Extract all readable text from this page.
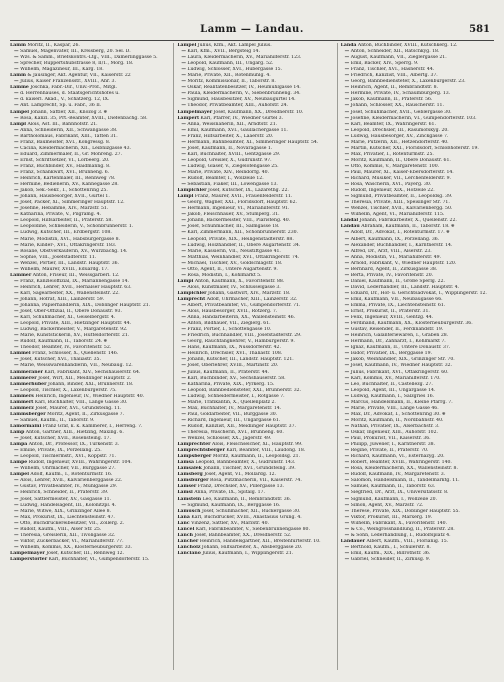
Lamm — Landau.	581
Lamm Moritz, II., Kaspar, 26.
— Samuel, Magenvater, III., Kreisberg, 20. Sel. D.
— Wzs. & Samm., Briefskontrs.-Ltg., VIII., Damerlinggasse 5.
— Sprecher, Ruppertshubstrasse 8, II/1., Morg. 18.
— Wilhelm, Magazineur, III., Karg. 18.
Lamm & Jausinger, Akt. Agentur, VII., Kaiserstr. 22
— Julius, Kaiser Franzensstr., XVIII., Ahr. 3.
Lamme Joschka, Fabr.-Dir., Univ.-Prof., Mitgl.
— d. Herrenhauses, d. Staatsgerichtshofes u.
— d. kaiserl. Akad., V., Schatzerg. 12, IX.
— Ant. Lamprecht, Sp. u. Fabr., 36 II.
Lampel Johann, Sattler, XII., Knozog 3. 🕿
— Rosa, Kanzl. 35, Prt.-Beamter, XVIII., Diefenbachg. 58.
Lampl Alois, Ast. III., Bahnhofstr. 21.
— Anna, Schneiderin, XII., Schwangasse 38.
— Bartholomäus, Fabrikant, XIII., Tatten 31.
— Franz, Baumeister, XVI., Kongressg. 8.
— Cäcilia, Kleidermacherin, XII., Leibnizgasse 43.
— Eduard, Zimmermaler, II., Gr. Mohreng. 27.
— Ernst, Schriftsetzer, VI., Lorbeerg. 20.
— Franz, Buchbinder, XV., Haidmanng. 8.
— Franz, Schankwirt, XVI., Brunneng. 6.
— Heinrich, Kartenmaler, III., Rennweg 78.
— Hermine, Bedienerin, XV., Kannegasse 28.
— Jakob, Sek.-Sekr., I., Schottenring 25.
— Johann, Hausbesorger, XVII., Gürtel 1.
— Josef, Packer, XI., Simmeringer Hauptstr. 12.
— Josefine, Hebamme, XIV., Märzstr. 51.
— Katharina, Private, V., Pilgramg. 4.
— Leopold, Hilfsarbeiter, II., Praterstr. 58.
— Leopoldine, Schneiderin, V., Schönbrunnerstr. 1.
— Ludwig, Kutscher, III., Erdbergstr. 108.
— Marie, Modistin, XVI., Habsburgergasse 8.
— Marie, Kinder-, XVI., Ottakringerstr. 183.
— Rosalie, Obstverkäuferin, XV., Wurzbachg. 14.
— Sophie, VIII., Josefstädterstr. 11.
— Wenzel, Portier, III., Landstr. Hauptstr. 36.
— Wilhelm, Maurer, XVIII., Eduardg. 17.
Lammer Anton, Friseur, III., Weissgärberl. 12.
— Franz, Kanzleioffizial, IX., Mariannengasse 14.
— Heinrich, Lehrer, XVII., Hernalser Hauptstr. 63.
— Karl, Sägearbeiter, XX., Wallensteinstr. 22.
— Johann, Hofrat, XIII., Lainzerstr. 59.
— Johanna, Papierhändlerin, XIX., Döblinger Hauptstr. 21.
— Josef, Ober-Offizial, II., Obere Donaustr. 93.
— Karl, Schuhmacher, XI., Geiselbergstr. 4.
— Leopold, Private, XIII., Hietzinger Hauptstr. 44.
— Ludwig, Bäckermeister, V., Margaretenstr. 92.
— Marie, Kunststickerin, XV., Hütteldorferstr. 21.
— Rudolf, Kaufmann, II., Taborstr. 24. 🕿
— Theodor, Beamter, IV., Favoritenstr. 52.
Lammel Franz, Schlosser, X., Quellenstr. 146.
— Josef, Kutscher, XVI., Thaliastr. 35.
— Marie, Weisswarenhändlerin, VII., Neubaug. 12.
Lammeraner Karl, Fabrikant, XIV., Sechshauserstr. 64.
Lammerer Josef, Wirt, XII., Meidlinger Hauptstr. 2.
Lammerhuber Johann, Binder, XXI., Brünnerstr. 18.
— Leopold, Tischler, X., Laxenburgerstr. 75.
Lammers Heinrich, Ingenieur, IV., Wiedner Hauptstr. 40.
Lammert Karl, Buchhalter, VIII., Lange Gasse 30.
Lammerz Josef, Maurer, XVI., Grundsteing. 11.
Lammsberger Moritz, Agent, II., Zirkusgasse 7.
— Samuel, Kaufm., II., Taborstr. 9.
Lamormaini Franz Graf, k. k. Kämmerer, I., Herreng. 7.
Lamp Anton, Gärtner, XIII., Hietzing, Maxing. 6.
— Josef, Kutscher, XVII., Rosensteing. 17.
Lampa Anton, Dr., Professor, IX., Türkenstr. 3.
— Emilie, Private, IX., Porzellang. 25.
— Leopold, Tischlermstr., XVI., Koppstr. 71.
Lampe Rudolf, Ingenieur, XVIII., Währingerstr. 104.
— Wilhelm, Uhrmacher, VII., Burggasse 27.
Lampel Adolf, Kaufm., I., Rotenturmstr. 16.
— Alois, Lehrer, XVII., Kalvarienberggasse 22.
— Gustav, Privatbeamter, IV., Mühlgasse 29.
— Heinrich, Schneider, II., Praterstr. 39.
— Josef, Sattlermeister, XV., Gasgasse 11.
— Ludwig, Handelsagent, III., Kolonitzpl. 4.
— Marie, Witwe, XIX., Grinzinger Allee 8.
— Max, Prokurist, IX., Liechtensteinstr. 47.
— Otto, Buchdruckereibesitzer, VII., Zollerg. 2.
— Rudolf, Kaufm., VIII., Alser Str. 25.
— Theresia, Greislerin, XII., Tivoligasse 32.
— Viktor, Zuckerbäcker, VI., Mariahilferstr. 77.
— Wilhelm, Kommis, XX., Klosterneuburgerstr. 33.
Lampelmayer Josef, Kutscher, III., Rennweg 12.
Lamperstorfer Karl, Buchhalter, VI., Gumpendorferstr. 15.
Lampel Julius, Kfm., Akt. Lampel Julius.
— Karl, Kfm., XVII., Bergsteig 14.
— Laura, Kleidermacherin, XV., Mariahilferstr. 123.
— Leopold, Kaufmann, III., Ungarg. 52.
— Ludwig, Schlosser, XVI., Hubergasse 15.
— Marie, Private, XII., Rotenmühlg. 4.
— Moritz, Kommissionär, II., Taborstr. 8.
— Oskar, Realitätenbesitzer, IV., Heumühlgasse 14.
— Paula, Kleidermacherin, V., Siebenbrunneng. 34.
— Sigmund, Hausbesitzer, XV., Neubaugürtel 14.
— Theodor, Privatbeamter, XIII., Auhofstr. 24.
Lampelmayer Josef, Kaufmann, XX., Dresdnerstr. 10.
Lampert Karl, Pfarrer, IV., Wiedner Gürtel 3.
— Anna, Weissnäherin, XII., Arndtstr. 21.
— Emil, Kaufmann, XVI., Gaullachergasse 11.
— Franz, Hilfsarbeiter, X., Laaerstr. 20.
— Hermann, Bahnbeamter, XI., Simmeringer Hauptstr. 54.
— Josef, Kaufmann, II., Novaragasse 1.
— Karl, Buchhalter, XVIII., Gentzgasse 29.
— Leopold, Greisler, X., Gudrunstr. 97.
— Ludwig, Glaser, V., Ziegelofengasse 25.
— Marie, Private, XIV., Reindorfg. 40.
— Rudolf, Beamter, I., Wollzeile 12.
— Sebastian, Fiaker, III., Löwengasse 13.
Lampichler Josef, Kutscher, IX., Lazarethg. 22.
Lampl Franz, Maurer, XVII., Frauenfelderstr. 11.
— Georg, Wagner, XXI., Floridsdorf, Hauptstr. 62.
— Hermann, Ingenieur, VI., Mariahilferstr. 91.
— Jakob, Fleischhauer, XV., Stumperg. 31.
— Johann, Bäckermeister, VIII., Piaristeng. 40.
— Josef, Schuhmacher, III., Salmgasse 18.
— Karl, Zimmermann, XII., Schönbrunnerstr. 230.
— Leopold, Private, XIX., Heiligenstädterstr. 88.
— Ludwig, Holzhändler, II., Obere Augartenstr. 34.
— Marie, Kassierin, VII., Neustiftgasse 41.
— Matthias, Weinhändler, XVI., Ottakringerstr. 74.
— Michael, Tischler, XV., Goldschlagstr. 18.
— Otto, Agent, II., Untere Augartenstr. 9.
— Rosa, Modistin, I., Kohlmarkt 5.
Lampi Anton, Kaufmann, X., Favoritenstr. 88.
— Alois, Kunstmaler, IV., Schlüsselgasse 3.
Lampichler Johann, Gastwirt, XIV., Märzstr. 18.
Lamprecht Adolf, Uhrmacher, XIII., Lainzerstr. 32.
— Albert, Privatbeamter, VI., Gumpendorferstr. 71.
— Alois, Hausbesorger, XVII., Rötzerg. 7.
— Anna, Handarbeiterin, XX., Wallensteinstr. 46.
— Anton, Bildhauer, VII., Zieglerg. 61.
— Franz, Portier, I., Schottengasse 10.
— Friedrich, Buchhändler, VIII., Josefstädterstr. 29.
— Georg, Rauchfangkehrer, V., Hamburgerstr. 9.
— Hans, Kaufmann, IX., Nussdorferstr. 42.
— Heinrich, Drechsler, XVI., Thaliastr. 108.
— Johann, Kutscher, III., Landstr. Hauptstr. 121.
— Josef, Oberlehrer, XVIII., Martinstr. 20.
— Julius, Kaufmann, II., Praterstr. 44.
— Karl, Buchbinder, XV., Sechshauserstr. 58.
— Katharina, Private, XIX., Pyrkerg. 15.
— Leopold, Bahnbediensteter, XXI., Brünnerstr. 32.
— Ludwig, Schneidermeister, I., Rotgasse 7.
— Marie, Trafikantin, X., Quellenplatz 2.
— Max, Buchhalter, IV., Margaretenstr. 14.
— Paul, Goldarbeiter, VII., Burggasse 30.
— Richard, Ingenieur, III., Ungargasse 61.
— Rudolf, Kanzlist, XII., Meidlinger Hauptstr. 37.
— Theresia, Wäscherin, XVI., Brunneng. 60.
— Wenzel, Schlosser, XX., Jägerstr. 49.
Lamprechter Alois, Fleischselcher, XI., Hauptstr. 99.
Lamprechtsberger Karl, Beamter, VIII., Laudong. 18.
Lampsberger Moritz, Kaufmann, II., Leopoldsg. 21.
Lamsa Leopold, Bahnbeamter, X., Gudrunstr. 143.
Lamsalek Johann, Tischler, XVI., Grundsteing. 39.
Lamsberg Josef, Agent, VI., Mollardg. 12.
Lamsburger Rosa, Putzmacherin, VII., Kaiserstr. 74.
Lamser Franz, Drechsler, XV., Pillergasse 13.
Lamsl Anna, Private, IX., Spitalg. 17.
Lamstein Leo, Kaufmann, II., Rembrandtstr. 36.
— Sigmund, Kaufmann, IX., Berggasse 16.
Lamusch Josef, Schuhmacher, XII., Ruckergasse 30.
Lana Karl, Buchdrucker, XVIII., Anastasius Grüng. 4.
Lanc Vinzenz, Sattler, XV., Märzstr. 40.
Lancel Karl, Fabrikbeamter, V., Siebenbrunnengasse 80.
Lanch Josef, Bahnbeamter, XX., Dresdnerstr. 52.
Lancher Heinrich, Handelsgärtner, XII., Breitenfurterstr. 10.
Lancholz Johann, Hilfsarbeiter, X., Absberggasse 20.
Lanciano Julius, Kaufmann, I., Wipplingerstr. 21.
Landa Anton, Buchbinder, XVIII., Kutschkerg. 12.
— Anton, Schneider, XII., Ratschkyg. 18.
— August, Kaufmann, VII., Zieglergasse 21.
— Emil, Bäcker, XIV., Sperrg. 9.
— Franz, Tischler, XVI., Hasnerstr. 44.
— Friedrich, Kanzlist, VIII., Albertg. 37.
— Georg, Bahnbediensteter, X., Laxenburgerstr. 23.
— Heinrich, Agent, II., Rembrandtstr. 8.
— Hermine, Private, IV., Schaumburgerg. 13.
— Jakob, Kaufmann, II., Praterstr. 56.
— Johann, Schlosser, XX., Rauscherstr. 11.
— Josef, Schuhmacher, XVII., Geblergasse 30.
— Josefine, Kleidermacherin, VI., Gumpendorferstr. 103.
— Karl, Beamter, IX., Währingerstr. 61.
— Leopold, Drechsler, III., Rasumofskyg. 20.
— Ludwig, Hausbesorger, XV., Zinckgasse 7.
— Marie, Putzerin, XII., Hetzendorferstr. 40.
— Martin, Kutscher, XXI., Floridsdorf, Schloßhoferstr. 19.
— Max, Privatier, I., Rotenturmstr. 25.
— Moritz, Kaufmann, II., Obere Donaustr. 61.
— Otto, Kommis, V., Margaretenstr. 100.
— Paul, Maurer, XI., Kaiser-Ebersdorferstr. 14.
— Richard, Musiker, VII., Lerchenfelderstr. 9.
— Rosa, Wäscherin, XVI., Payerg. 30.
— Rudolf, Ingenieur, XIX., Hofzeile 22.
— Sigmund, Privatbeamter, II., Leopoldsg. 39.
— Theresia, Private, XIII., Speisinger Str. 71.
— Wenzel, Tischler, XVII., Kalvarienbergg. 50.
— Wilhelm, Agent, VI., Mariahilferstr. 115.
Landal Johann, Fabrikarbeiter, X., Quellenstr. 22.
Landau Abraham, Kaufmann, II., Taborstr. 18. 🕿
— Adolf, Dr., Advokat, I., Rotenturmstr. 17. 🕿
— Albert, Kaufmann, IX., Porzellang. 36.
— Alexander, Buchhändler, I., Kärntnerstr. 14.
— Alfred, Dr., Arzt, VIII., Alserstr. 23.
— Anna, Modistin, VI., Mariahilferstr. 49.
— Arnold, Fabrikant, V., Wiedner Hauptstr. 120.
— Bernhard, Agent, II., Zirkusgasse 38.
— Berta, Private, IV., Favoritenstr. 20.
— Daniel, Kaufmann, II., Große Sperlg. 22.
— David, Lederhändler, III., Landstr. Hauptstr. 4.
— Eduard, Dr., Hof- u. Gerichtsadvokat, I., Wipplingerstr. 12.
— Emil, Kaufmann, VII., Neubaugasse 66.
— Emma, Private, IX., Liechtensteinstr. 61.
— Ernst, Prokurist, II., Praterstr. 31.
— Felix, Ingenieur, XVIII., Gentzg. 44.
— Ferdinand, Kaufmann, XX., Klosterneuburgerstr. 36.
— Gustav, Reisender, II., Ferdinandstr. 19.
— Heinrich, Galanteriewaren, I., Graben 28.
— Hermann, Dr., Zahnarzt, I., Kohlmarkt 7.
— Ignaz, Kaufmann, II., Untere Donaustr. 37.
— Isidor, Privatier, IX., Berggasse 19.
— Jakob, Weinhändler, XIX., Grinzinger Str. 70.
— Josef, Kaufmann, IV., Wiedner Hauptstr. 32.
— Julius, Fabrikant, XVI., Ottakringerstr. 60.
— Karl, Kommis, XV., Mariahilferstr. 170.
— Leo, Buchhalter, II., Castellezg. 27.
— Leopold, Agent, III., Ungargasse 14.
— Ludwig, Kaufmann, I., Salzgries 16.
— Marcus, Handelsmann, II., Kleine Pfarrg. 7.
— Marie, Private, VIII., Lange Gasse 46.
— Max, Dr., Advokat, I., Schottenring 30. 🕿
— Moritz, Kaufmann, II., Nordbahnstr. 40.
— Nathan, Privatier, IX., Alserbachstr. 3.
— Oskar, Ingenieur, XIII., Auhofstr. 102.
— Paul, Prokurist, VII., Kaiserstr. 36.
— Philipp, Juwelier, I., Kärntnerstr. 38.
— Regine, Private, II., Praterstr. 70.
— Richard, Kaufmann, VI., Esterhazyg. 20.
— Robert, Beamter, XVIII., Währingerstr. 140.
— Rosa, Kleidermacherin, XX., Wallensteinstr. 8.
— Rudolf, Kaufmann, IV., Margaretenstr. 3.
— Salomon, Handelsmann, II., Tandelmarktg. 11.
— Samuel, Kaufmann, II., Taborstr. 63.
— Siegfried, Dr., Arzt, IX., Universitätsstr. 8.
— Sigmund, Kaufmann, I., Wollzeile 20.
— Simon, Agent, XV., Märzstr. 72.
— Therese, Private, XIX., Döblinger Hauptstr. 55.
— Viktor, Prokurist, III., Marxerg. 19.
— Wilhelm, Fabrikant, X., Favoritenstr. 140.
— & Co., Weingrosshandlung, II., Praterstr. 28.
— & Sohn, Lederhandlung, I., Rudolfsplatz 4.
Landauer Albert, Kaufm., VIII., Florianig. 15.
— Berthold, Kaufm., I., Schulerstr. 8.
— Emil, Kaufm., XIX., Billrothstr. 36.
— Gabriel, Schneider, II., Zirkusg. 9.
